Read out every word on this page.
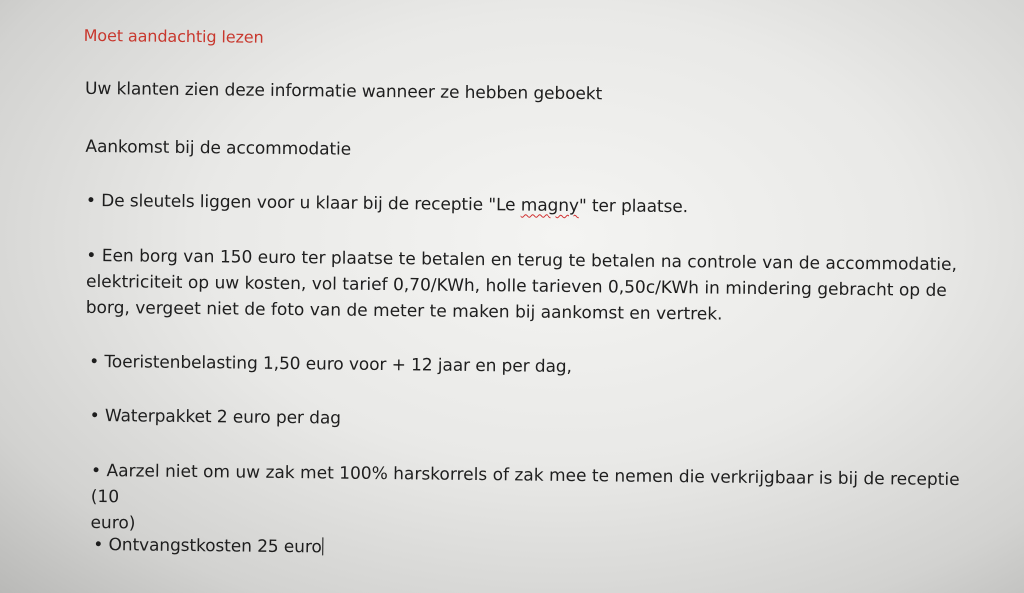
Moet aandachtig lezen
Uw klanten zien deze informatie wanneer ze hebben geboekt
Aankomst bij de accommodatie
• De sleutels liggen voor u klaar bij de receptie "Le magny" ter plaatse.
• Een borg van 150 euro ter plaatse te betalen en terug te betalen na controle van de accommodatie,
elektriciteit op uw kosten, vol tarief 0,70/KWh, holle tarieven 0,50c/KWh in mindering gebracht op de
borg, vergeet niet de foto van de meter te maken bij aankomst en vertrek.
• Toeristenbelasting 1,50 euro voor + 12 jaar en per dag,
• Waterpakket 2 euro per dag
• Aarzel niet om uw zak met 100% harskorrels of zak mee te nemen die verkrijgbaar is bij de receptie (10
euro)
• Ontvangstkosten 25 euro
